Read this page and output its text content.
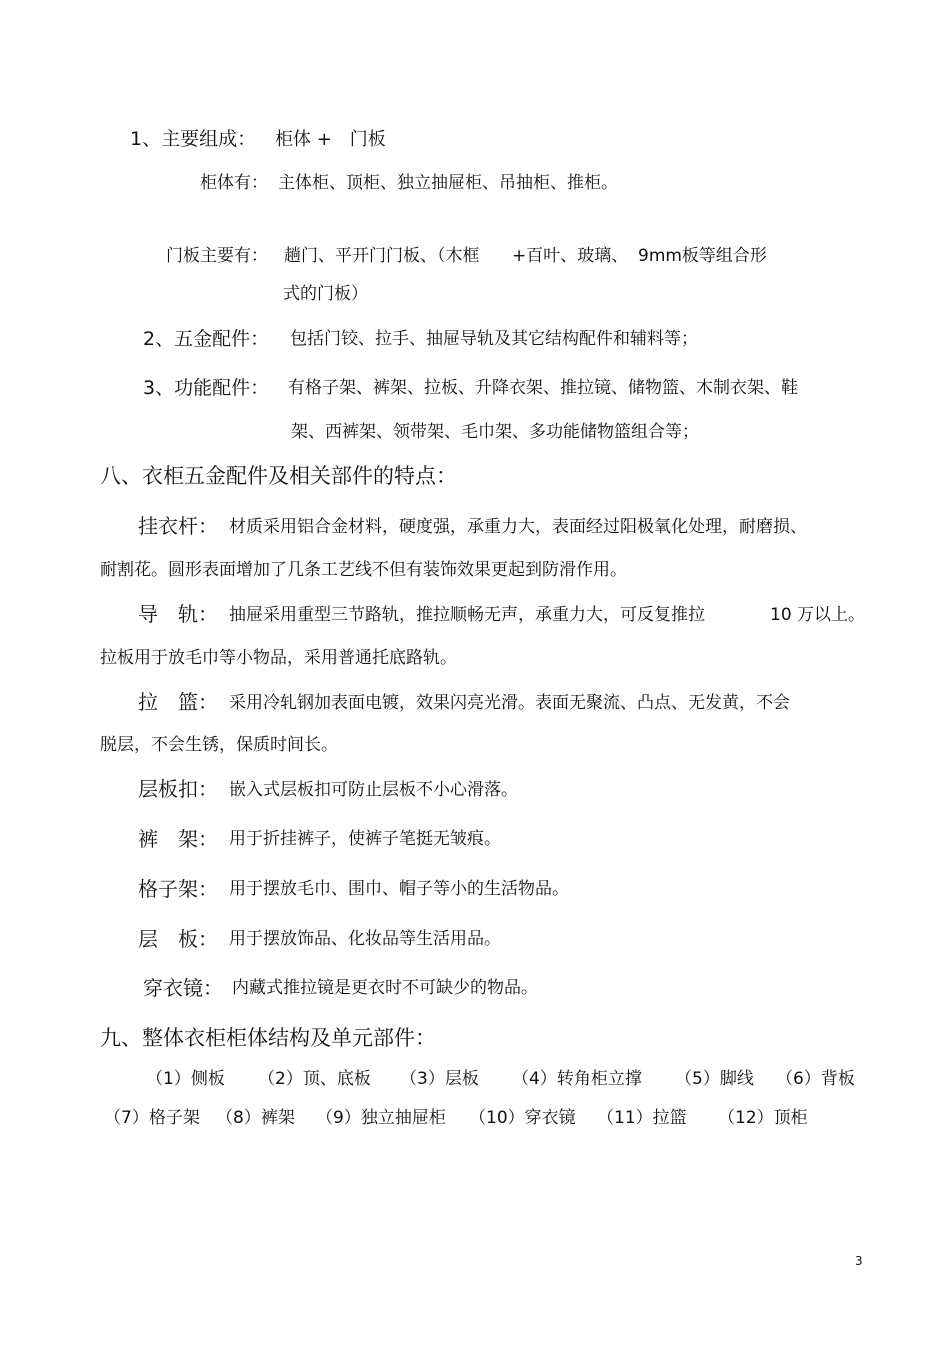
1、主要组成： 柜体 +　门板
柜体有： 主体柜、顶柜、独立抽屉柜、吊抽柜、推柜。
门板主要有： 趟门、平开门门板、（木框 +百叶、玻璃、 9mm板等组合形
式的门板）
2、五金配件： 包括门铰、拉手、抽屉导轨及其它结构配件和辅料等；
3、功能配件： 有格子架、裤架、拉板、升降衣架、推拉镜、储物篮、木制衣架、鞋
架、西裤架、领带架、毛巾架、多功能储物篮组合等；
八、衣柜五金配件及相关部件的特点：
挂衣杆： 材质采用铝合金材料，硬度强，承重力大，表面经过阳极氧化处理，耐磨损、
耐割花。圆形表面增加了几条工艺线不但有装饰效果更起到防滑作用。
导　轨： 抽屉采用重型三节路轨，推拉顺畅无声，承重力大，可反复推拉	10 万以上。
拉板用于放毛巾等小物品，采用普通托底路轨。
拉　篮： 采用冷轧钢加表面电镀，效果闪亮光滑。表面无聚流、凸点、无发黄，不会
脱层，不会生锈，保质时间长。
层板扣： 嵌入式层板扣可防止层板不小心滑落。
裤　架： 用于折挂裤子，使裤子笔挺无皱痕。
格子架： 用于摆放毛巾、围巾、帽子等小的生活物品。
层　板： 用于摆放饰品、化妆品等生活用品。
穿衣镜： 内藏式推拉镜是更衣时不可缺少的物品。
九、整体衣柜柜体结构及单元部件：
（1）侧板 （2）顶、底板 （3）层板 （4）转角柜立撑 （5）脚线 （6）背板
（7）格子架 （8）裤架 （9）独立抽屉柜 （10）穿衣镜 （11）拉篮 （12）顶柜
3
